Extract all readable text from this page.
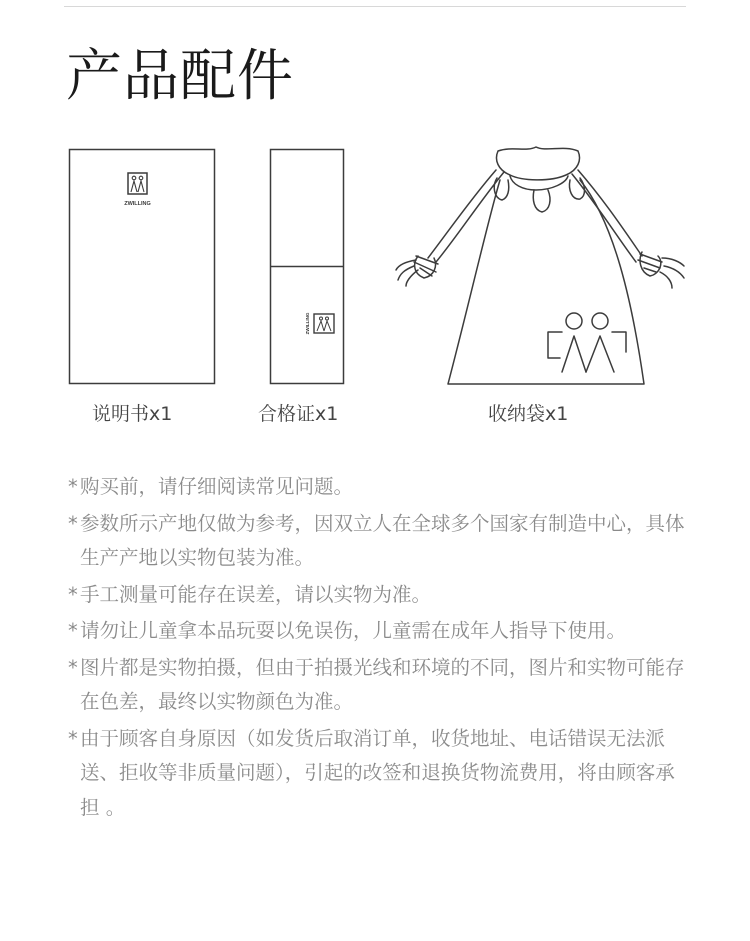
产品配件
ZWILLING
ZWILLING
说明书x1	合格证x1	收纳袋x1
* 购买前，请仔细阅读常见问题。
* 参数所示产地仅做为参考，因双立人在全球多个国家有制造中心，具体生产产地以实物包装为准。
* 手工测量可能存在误差，请以实物为准。
* 请勿让儿童拿本品玩耍以免误伤，儿童需在成年人指导下使用。
* 图片都是实物拍摄，但由于拍摄光线和环境的不同，图片和实物可能存在色差，最终以实物颜色为准。
* 由于顾客自身原因（如发货后取消订单，收货地址、电话错误无法派送、拒收等非质量问题），引起的改签和退换货物流费用，将由顾客承担 。
